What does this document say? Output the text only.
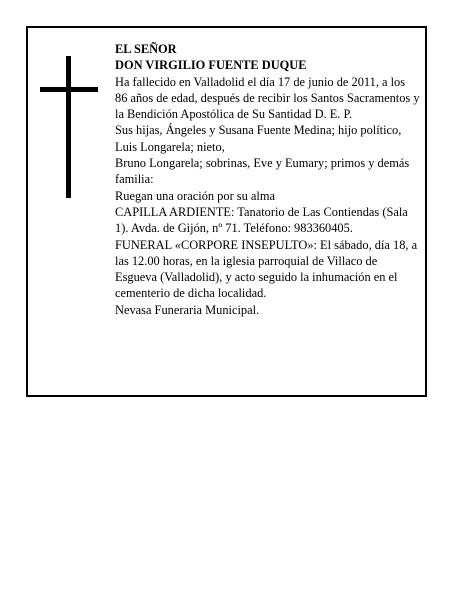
EL SEÑOR

DON VIRGILIO FUENTE DUQUE

Ha fallecido en Valladolid el día 17 de junio de 2011, a los 86 años de edad, después de recibir los Santos Sacramentos y la Bendición Apostólica de Su Santidad D. E. P.

Sus hijas, Ángeles y Susana Fuente Medina; hijo político, Luis Longarela; nieto,

Bruno Longarela; sobrinas, Eve y Eumary; primos y demás familia:

Ruegan una oración por su alma

CAPILLA ARDIENTE: Tanatorio de Las Contiendas (Sala 1). Avda. de Gijón, nº 71. Teléfono: 983360405.

FUNERAL «CORPORE INSEPULTO»: El sábado, día 18, a las 12.00 horas, en la iglesia parroquial de Villaco de Esgueva (Valladolid), y acto seguido la inhumación en el cementerio de dicha localidad.

Nevasa Funeraria Municipal.
